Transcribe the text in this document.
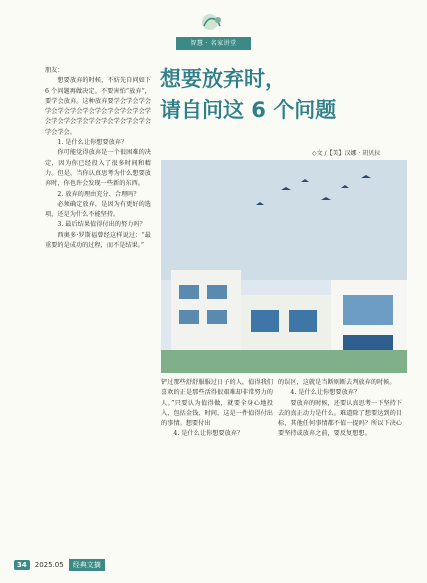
智慧 · 名家讲堂
想要放弃时，
请自问这 6 个问题
◇文 /【美】汉娜 · 胡贝拉

朋友：

想要放弃的时候，不妨先自问如下 6 个问题再做决定。不要害怕“放弃”，要学会放弃。这种放弃要学会学会学会学会学会学会学会学会学会学会学会学会学会学会学会学会学会学会学会学会学会学会。

1. 是什么让你想要放弃？

你可能觉得放弃是一个很困难的决定，因为你已经投入了很多时间和精力。但是，当你认真思考为什么想要放弃时，你也许会发现一些新的东西。

2. 放弃的理由充分、合理吗？

必须确定放弃，是因为有更好的选项，还是为什么不能坚持。

3. 最后结果值得付出的努力吗？

西奥多·罗斯福曾经这样说过：“最重要的是成功的过程，而不是结果。”

铲过那些舒舒服服过日子的人，值得我们喜欢的正是那些活得很艰难却非常努力的人。”只要认为值得做，就要全身心地投入，包括金钱、时间，这是一件值得付出的事情。想要付出

4. 是什么让你想要放弃？

的误区，这就是当断则断去判放弃的时候。

4. 是什么让你想要放弃？

要放弃的时候，还要认真思考一下坚持下去的真正动力是什么。难道除了想要达到的目标，其他任何事情都不值一提吗？所以下决心要坚持或放弃之前，要反复想想。

34	2025.05	经典文摘
